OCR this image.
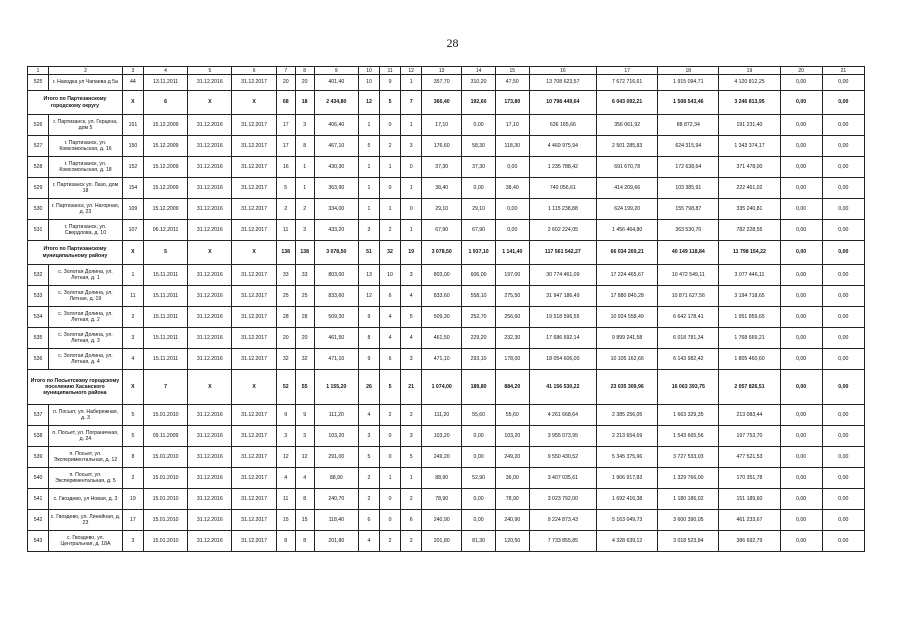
28
1	2	3	4	5	6	7	8	9	10	11	12	13	14	15	16	17	18	19	20	21
525	г. Находка ул Чапаева д 5а	44	13.11.2011	31.12.2016	31.12.2017	20	20	401,40	10	9	1	357,70	310,20	47,50	13 708 623,57	7 672 716,61	1 915 094,71	4 120 812,25	0,00	0,00
Итого по Партизанскому городскому округу		X	6	X	X	68	18	2 434,80	12	5	7	366,40	192,60	173,80	10 798 449,64	6 043 092,21	1 508 543,46	3 246 813,95	0,00	0,00
526	г. Партизанск, ул. Герцена, дом 5	151	15.12.2009	31.12.2016	31.12.2017	17	3	406,40	1	0	1	17,10	0,00	17,10	636 165,66	356 061,92	88 872,34	191 231,40	0,00	0,00
527	г. Партизанск, ул. Комсомольская, д. 16	150	15.12.2009	31.12.2016	31.12.2017	17	8	467,10	5	2	3	176,60	58,30	118,30	4 469 975,94	2 501 285,83	624 315,94	1 343 374,17	0,00	0,00
528	г. Партизанск, ул. Комсомольская, д. 18	152	15.12.2009	31.12.2016	31.12.2017	16	1	430,30	1	1	0	37,30	37,30	0,00	1 235 788,42	691 670,78	172 638,64	371 478,00	0,00	0,00
529	г. Партизанск ул. Лазо, дом 18	154	15.12.2009	31.12.2016	31.12.2017	5	1	363,90	1	0	1	38,40	0,00	38,40	740 056,61	414 209,66	103 385,91	222 461,02	0,00	0,00
530	г. Партизанск, ул. Нагорная, д. 23	109	15.12.2009	31.12.2016	31.12.2017	2	2	334,00	1	1	0	29,10	29,10	0,00	1 115 238,88	624 199,20	155 798,87	335 240,81	0,00	0,00
531	г. Партизанск, ул. Свердлова, д. 10	107	06.12.2011	31.12.2016	31.12.2017	11	3	433,20	3	2	1	67,90	67,90	0,00	2 602 224,05	1 456 464,80	363 530,70	782 228,55	0,00	0,00
Итого по Партизанскому муниципальному району		X	5	X	X	138	138	3 078,50	51	32	19	3 078,50	1 937,10	1 141,40	117 561 542,27	66 034 269,21	40 149 118,84	11 798 154,22	0,00	0,00
532	с. Золотая Долина, ул. Летная, д. 1	1	15.11.2011	31.12.2016	31.12.2017	33	33	803,00	13	10	3	803,00	606,00	197,00	30 774 461,09	17 224 465,67	10 472 549,11	3 077 446,11	0,00	0,00
533	с. Золотая Долина, ул. Летная, д. 19	11	15.11.2011	31.12.2016	31.12.2017	25	25	833,60	12	6	4	833,60	558,10	275,50	31 947 186,49	17 880 840,28	10 871 627,56	3 194 718,65	0,00	0,00
534	с. Золотая Долина, ул. Летная, д. 2	2	15.11.2011	31.12.2016	31.12.2017	28	28	509,30	9	4	5	509,30	252,70	256,60	19 518 596,55	10 924 558,49	6 642 178,41	1 951 859,65	0,00	0,00
535	с. Золотая Долина, ул. Летная, д. 3	3	15.11.2011	31.12.2016	31.12.2017	20	20	461,50	8	4	4	461,50	229,20	232,30	17 686 692,14	9 899 241,58	6 018 781,34	1 768 669,21	0,00	0,00
536	с. Золотая Долина, ул. Летная, д. 4	4	15.11.2011	31.12.2016	31.12.2017	32	32	471,10	9	6	3	471,10	293,10	178,00	18 054 606,00	10 105 162,66	6 143 982,42	1 805 460,60	0,00	0,00
Итого по Посьетскому городскому поселению Хасанского муниципального района		X	7	X	X	52	55	1 155,20	26	5	21	1 074,00	189,80	884,20	41 156 530,22	23 035 309,96	16 063 393,75	2 057 826,51	0,00	0,00
537	п. Посьет, ул. Набережная, д. 3	5	15.01.2010	31.12.2016	31.12.2017	9	9	111,20	4	2	2	111,20	55,60	55,60	4 261 668,64	2 385 256,05	1 663 329,35	213 083,44	0,00	0,00
538	п. Посьет, ул. Пограничная, д. 24	5	09.11.2009	31.12.2016	31.12.2017	3	3	103,20	3	0	3	103,20	0,00	103,20	3 955 073,95	2 213 654,69	1 543 665,56	197 753,70	0,00	0,00
539	п. Посьет, ул. Экспериментальная, д. 12	8	15.01.2010	31.12.2016	31.12.2017	12	12	291,00	5	0	5	249,20	0,00	249,20	9 550 430,52	5 345 375,96	3 727 533,03	477 521,53	0,00	0,00
540	п. Посьет, ул. Экспериментальная, д. 5	2	15.01.2010	31.12.2016	31.12.2017	4	4	88,90	2	1	1	88,90	52,90	36,00	3 407 035,61	1 906 917,83	1 329 766,00	170 351,78	0,00	0,00
541	с. Гвоздево, ул Новая, д. 3	19	15.01.2010	31.12.2016	31.12.2017	11	8	240,70	2	0	2	78,90	0,00	78,90	3 023 792,00	1 692 416,38	1 180 186,02	151 189,60	0,00	0,00
542	с. Гвоздево, ул. Линейная, д. 23	17	15.01.2010	31.12.2016	31.12.2017	15	15	118,40	6	0	6	240,90	0,00	240,90	9 224 873,43	5 163 049,73	3 600 390,05	461 233,67	0,00	0,00
543	с. Гвоздево, ул. Центральная, д. 18А	3	15.01.2010	31.12.2016	31.12.2017	8	8	201,80	4	2	2	201,80	81,30	120,50	7 733 855,85	4 328 639,12	3 018 523,84	386 692,79	0,00	0,00
